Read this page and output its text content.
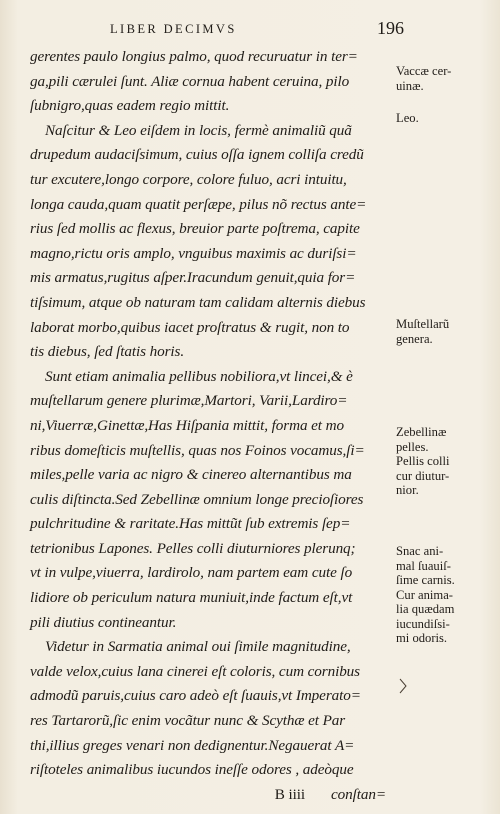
LIBER DECIMVS	196
gerentes paulo longius palmo, quod recuruatur in ter=
ga,pili cærulei ſunt. Aliæ cornua habent ceruina, pilo
ſubnigro,quas eadem regio mittit.
Naſcitur & Leo eiſdem in locis, fermè animaliũ quã
drupedum audaciſsimum, cuius oſſa ignem colliſa credũ
tur excutere,longo corpore, colore fuluo, acri intuitu,
longa cauda,quam quatit perſæpe, pilus nõ rectus ante=
rius ſed mollis ac flexus, breuior parte poſtrema, capite
magno,rictu oris amplo, vnguibus maximis ac duriſsi=
mis armatus,rugitus aſper.Iracundum genuit,quia for=
tiſsimum, atque ob naturam tam calidam alternis diebus
laborat morbo,quibus iacet proſtratus & rugit, non to
tis diebus, ſed ſtatis horis.
Sunt etiam animalia pellibus nobiliora,vt lincei,& è
muſtellarum genere plurimæ,Martori, Varii,Lardiro=
ni,Viuerræ,Ginettæ,Has Hiſpania mittit, forma et mo
ribus domeſticis muſtellis, quas nos Foinos vocamus,ſi=
miles,pelle varia ac nigro & cinereo alternantibus ma
culis diſtincta.Sed Zebellinæ omnium longe precioſiores
pulchritudine & raritate.Has mittũt ſub extremis ſep=
tetrionibus Lapones. Pelles colli diuturniores plerunq;
vt in vulpe,viuerra, lardirolo, nam partem eam cute ſo
lidiore ob periculum natura muniuit,inde factum eſt,vt
pili diutius contineantur.
Videtur in Sarmatia animal oui ſimile magnitudine,
valde velox,cuius lana cinerei eſt coloris, cum cornibus
admodũ paruis,cuius caro adeò eſt ſuauis,vt Imperato=
res Tartarorũ,ſic enim vocãtur nunc & Scythæ et Par
thi,illius greges venari non dedignentur.Negauerat A=
riſtoteles animalibus iucundos ineſſe odores , adeòque
B iiii conſtan=
Vaccæ cer-
uinæ.
Leo.
Muſtellarũ
genera.
Zebellinæ
pelles.
Pellis colli
cur diutur-
nior.
Snac ani-
mal ſuauiſ-
ſime carnis.
Cur anima-
lia quædam
iucundiſsi-
mi odoris.
